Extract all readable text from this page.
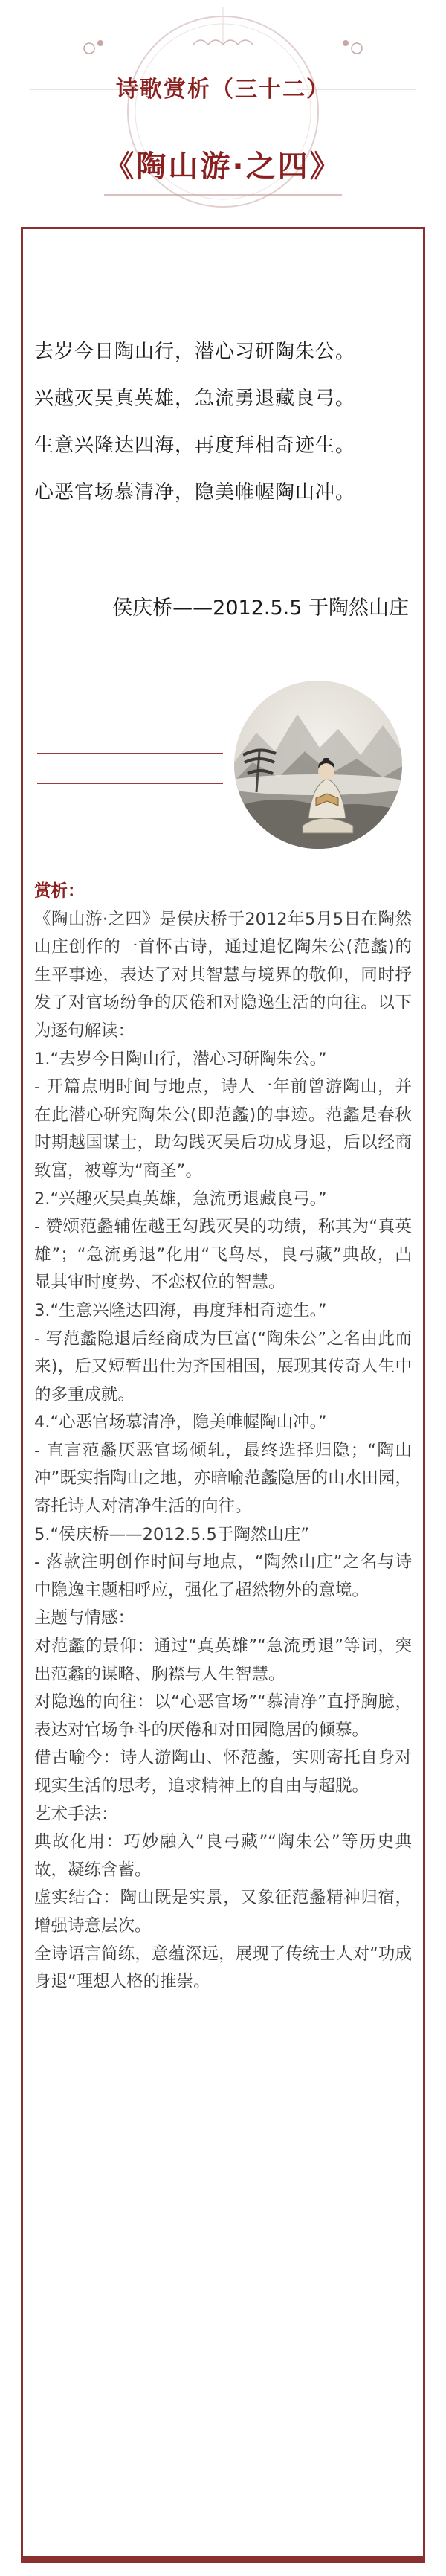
诗歌赏析（三十二）
《陶山游·之四》
去岁今日陶山行，潜心习研陶朱公。
兴越灭吴真英雄，急流勇退藏良弓。
生意兴隆达四海，再度拜相奇迹生。
心恶官场慕清净，隐美帷幄陶山冲。
侯庆桥——2012.5.5 于陶然山庄

赏析：

《陶山游·之四》是侯庆桥于2012年5月5日在陶然山庄创作的一首怀古诗，通过追忆陶朱公(范蠡)的生平事迹，表达了对其智慧与境界的敬仰，同时抒发了对官场纷争的厌倦和对隐逸生活的向往。以下为逐句解读：

1.“去岁今日陶山行，潜心习研陶朱公。”

- 开篇点明时间与地点，诗人一年前曾游陶山，并在此潜心研究陶朱公(即范蠡)的事迹。范蠡是春秋时期越国谋士，助勾践灭吴后功成身退，后以经商致富，被尊为“商圣”。

2.“兴趣灭吴真英雄，急流勇退藏良弓。”

- 赞颂范蠡辅佐越王勾践灭吴的功绩，称其为“真英雄”；“急流勇退”化用“飞鸟尽，良弓藏”典故，凸显其审时度势、不恋权位的智慧。

3.“生意兴隆达四海，再度拜相奇迹生。”

- 写范蠡隐退后经商成为巨富(“陶朱公”之名由此而来)，后又短暂出仕为齐国相国，展现其传奇人生中的多重成就。

4.“心恶官场慕清净，隐美帷幄陶山冲。”

- 直言范蠡厌恶官场倾轧，最终选择归隐；“陶山冲”既实指陶山之地，亦暗喻范蠡隐居的山水田园，寄托诗人对清净生活的向往。

5.“侯庆桥——2012.5.5于陶然山庄”

- 落款注明创作时间与地点，“陶然山庄”之名与诗中隐逸主题相呼应，强化了超然物外的意境。

主题与情感：

对范蠡的景仰：通过“真英雄”“急流勇退”等词，突出范蠡的谋略、胸襟与人生智慧。

对隐逸的向往：以“心恶官场”“慕清净”直抒胸臆，表达对官场争斗的厌倦和对田园隐居的倾慕。

借古喻今：诗人游陶山、怀范蠡，实则寄托自身对现实生活的思考，追求精神上的自由与超脱。

艺术手法：

典故化用：巧妙融入“良弓藏”“陶朱公”等历史典故，凝练含蓄。

虚实结合：陶山既是实景，又象征范蠡精神归宿，增强诗意层次。

全诗语言简练，意蕴深远，展现了传统士人对“功成身退”理想人格的推崇。
